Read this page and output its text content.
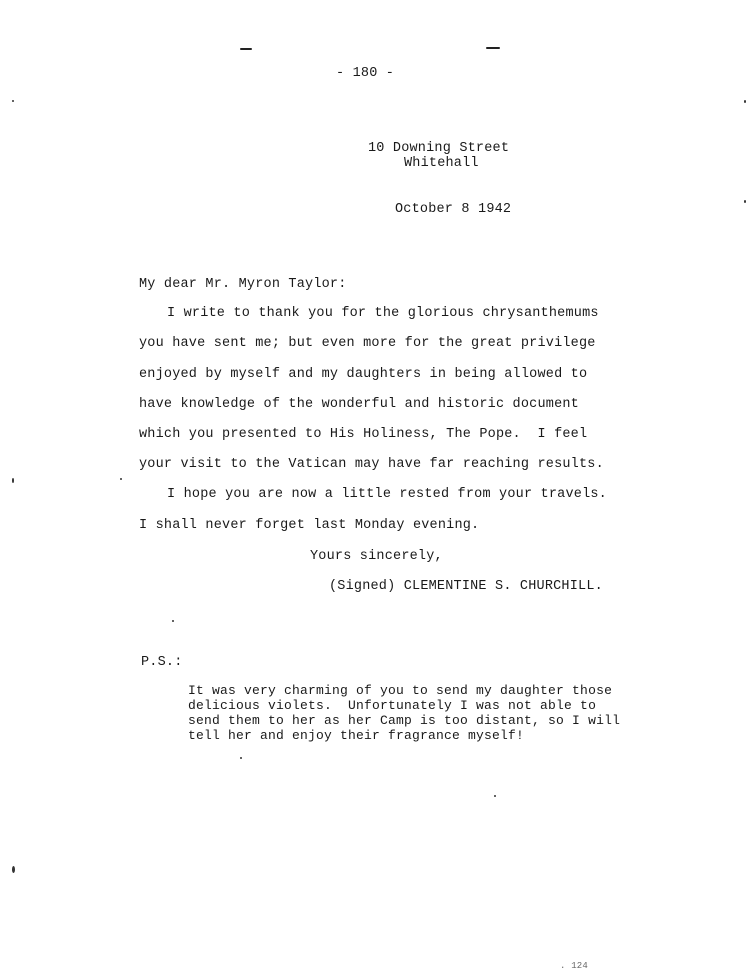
- 180 -
10 Downing Street
Whitehall
October 8 1942
My dear Mr. Myron Taylor:
I write to thank you for the glorious chrysanthemums
you have sent me; but even more for the great privilege
enjoyed by myself and my daughters in being allowed to
have knowledge of the wonderful and historic document
which you presented to His Holiness, The Pope.  I feel
your visit to the Vatican may have far reaching results.
I hope you are now a little rested from your travels.
I shall never forget last Monday evening.
Yours sincerely,
(Signed) CLEMENTINE S. CHURCHILL.
P.S.:
It was very charming of you to send my daughter those
delicious violets.  Unfortunately I was not able to
send them to her as her Camp is too distant, so I will
tell her and enjoy their fragrance myself!
. 124
